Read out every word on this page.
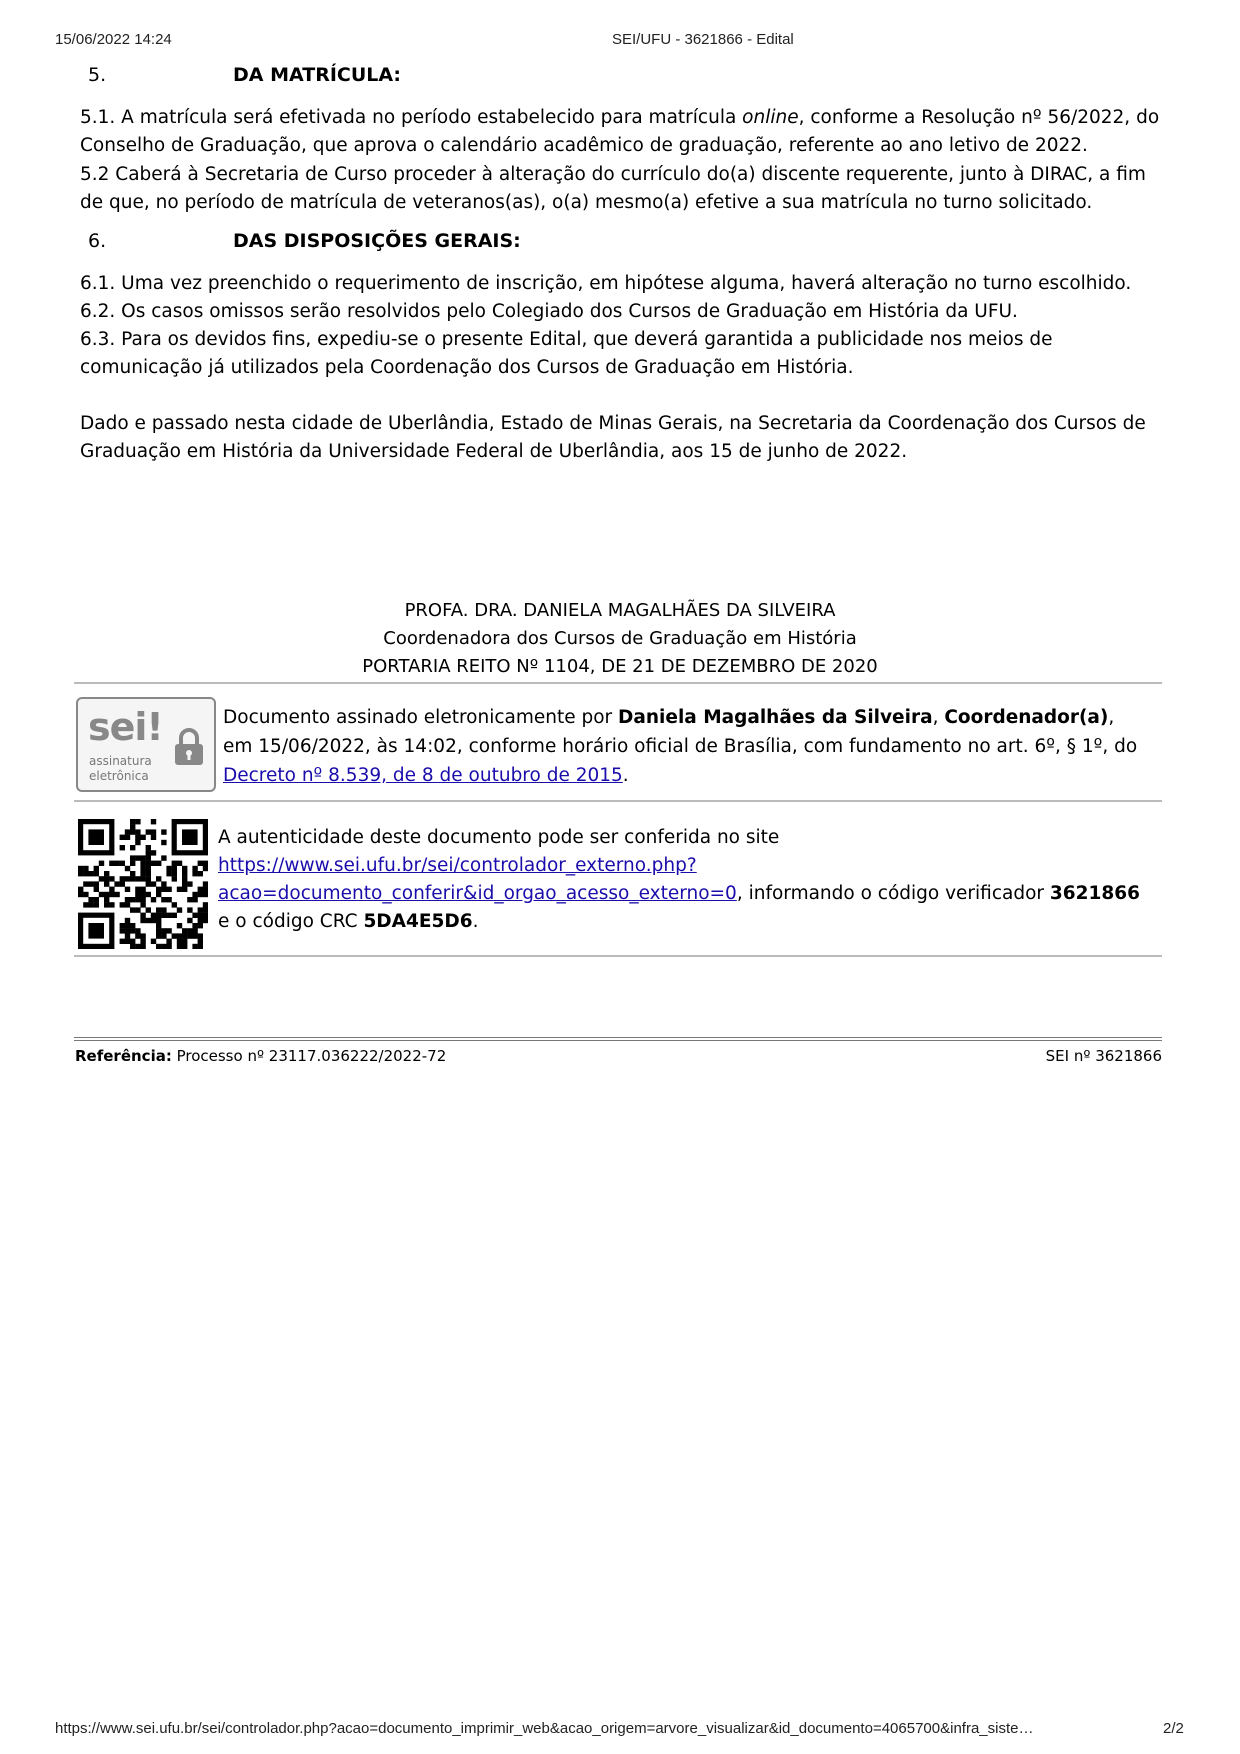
15/06/2022 14:24	SEI/UFU - 3621866 - Edital
5.	DA MATRÍCULA:
5.1. A matrícula será efetivada no período estabelecido para matrícula online, conforme a Resolução nº 56/2022, do Conselho de Graduação, que aprova o calendário acadêmico de graduação, referente ao ano letivo de 2022.
5.2 Caberá à Secretaria de Curso proceder à alteração do currículo do(a) discente requerente, junto à DIRAC, a fim de que, no período de matrícula de veteranos(as), o(a) mesmo(a) efetive a sua matrícula no turno solicitado.
6.	DAS DISPOSIÇÕES GERAIS:
6.1. Uma vez preenchido o requerimento de inscrição, em hipótese alguma, haverá alteração no turno escolhido.
6.2. Os casos omissos serão resolvidos pelo Colegiado dos Cursos de Graduação em História da UFU.
6.3. Para os devidos fins, expediu-se o presente Edital, que deverá garantida a publicidade nos meios de comunicação já utilizados pela Coordenação dos Cursos de Graduação em História.
Dado e passado nesta cidade de Uberlândia, Estado de Minas Gerais, na Secretaria da Coordenação dos Cursos de Graduação em História da Universidade Federal de Uberlândia, aos 15 de junho de 2022.
PROFA. DRA. DANIELA MAGALHÃES DA SILVEIRA
Coordenadora dos Cursos de Graduação em História
PORTARIA REITO Nº 1104, DE 21 DE DEZEMBRO DE 2020
sei!
assinatura
eletrônica
Documento assinado eletronicamente por Daniela Magalhães da Silveira, Coordenador(a), em 15/06/2022, às 14:02, conforme horário oficial de Brasília, com fundamento no art. 6º, § 1º, do Decreto nº 8.539, de 8 de outubro de 2015.
A autenticidade deste documento pode ser conferida no site https://www.sei.ufu.br/sei/controlador_externo.php?
acao=documento_conferir&id_orgao_acesso_externo=0, informando o código verificador 3621866 e o código CRC 5DA4E5D6.
Referência: Processo nº 23117.036222/2022-72	SEI nº 3621866
https://www.sei.ufu.br/sei/controlador.php?acao=documento_imprimir_web&acao_origem=arvore_visualizar&id_documento=4065700&infra_siste…	2/2
